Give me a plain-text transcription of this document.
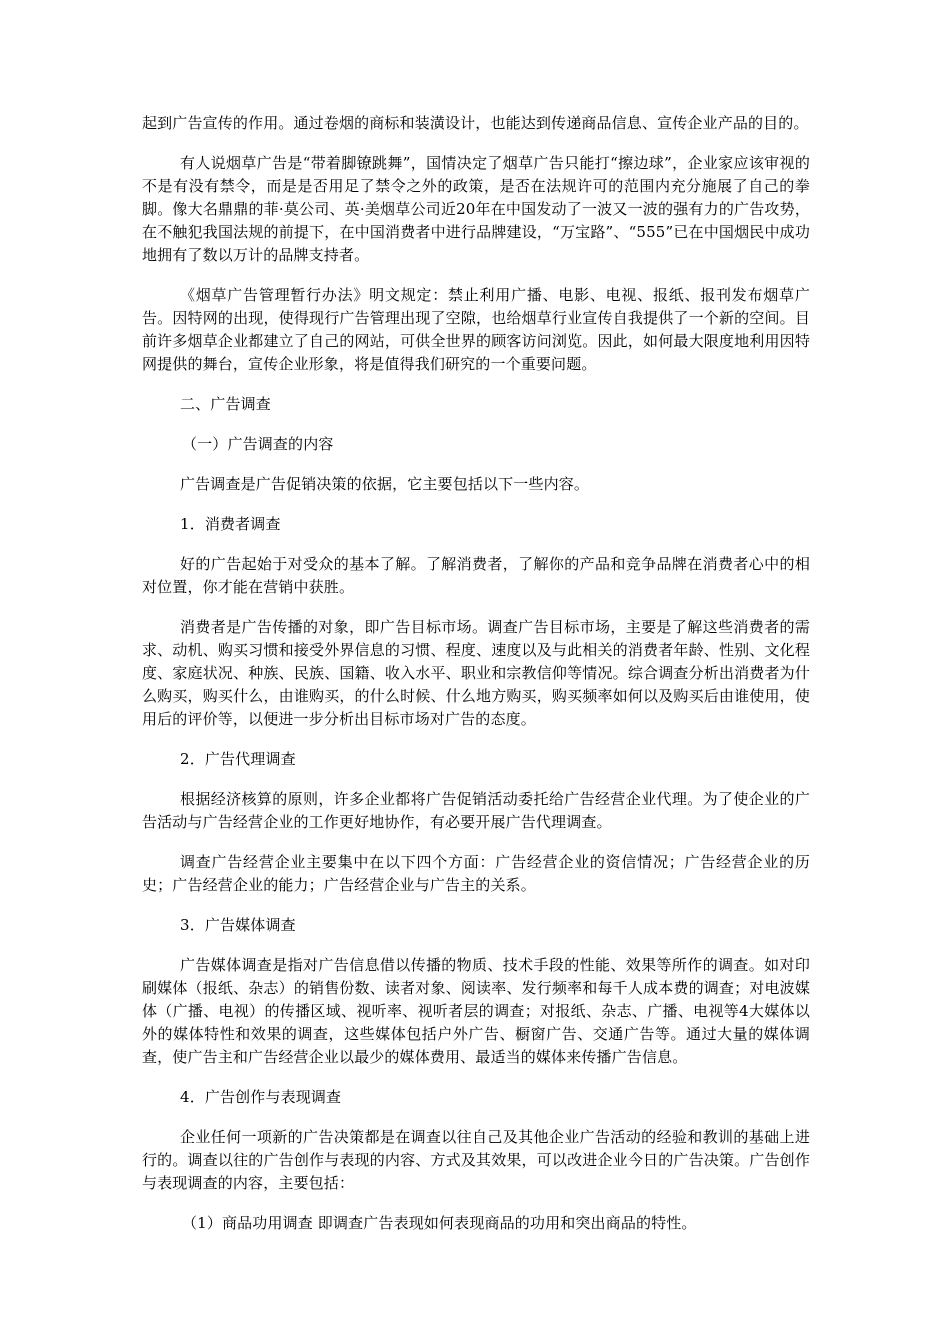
起到广告宣传的作用。通过卷烟的商标和装潢设计，也能达到传递商品信息、宣传企业产品的目的。

有人说烟草广告是“带着脚镣跳舞”，国情决定了烟草广告只能打“擦边球”，企业家应该审视的不是有没有禁令，而是是否用足了禁令之外的政策，是否在法规许可的范围内充分施展了自己的拳脚。像大名鼎鼎的菲·莫公司、英·美烟草公司近20年在中国发动了一波又一波的强有力的广告攻势，在不触犯我国法规的前提下，在中国消费者中进行品牌建设，“万宝路”、“555”已在中国烟民中成功地拥有了数以万计的品牌支持者。

《烟草广告管理暂行办法》明文规定：禁止利用广播、电影、电视、报纸、报刊发布烟草广告。因特网的出现，使得现行广告管理出现了空隙，也给烟草行业宣传自我提供了一个新的空间。目前许多烟草企业都建立了自己的网站，可供全世界的顾客访问浏览。因此，如何最大限度地利用因特网提供的舞台，宣传企业形象，将是值得我们研究的一个重要问题。

二、广告调查

（一）广告调查的内容

广告调查是广告促销决策的依据，它主要包括以下一些内容。

1．消费者调查

好的广告起始于对受众的基本了解。了解消费者，了解你的产品和竞争品牌在消费者心中的相对位置，你才能在营销中获胜。

消费者是广告传播的对象，即广告目标市场。调查广告目标市场，主要是了解这些消费者的需求、动机、购买习惯和接受外界信息的习惯、程度、速度以及与此相关的消费者年龄、性别、文化程度、家庭状况、种族、民族、国籍、收入水平、职业和宗教信仰等情况。综合调查分析出消费者为什么购买，购买什么，由谁购买，的什么时候、什么地方购买，购买频率如何以及购买后由谁使用，使用后的评价等，以便进一步分析出目标市场对广告的态度。

2．广告代理调查

根据经济核算的原则，许多企业都将广告促销活动委托给广告经营企业代理。为了使企业的广告活动与广告经营企业的工作更好地协作，有必要开展广告代理调查。

调查广告经营企业主要集中在以下四个方面：广告经营企业的资信情况；广告经营企业的历史；广告经营企业的能力；广告经营企业与广告主的关系。

3．广告媒体调查

广告媒体调查是指对广告信息借以传播的物质、技术手段的性能、效果等所作的调查。如对印刷媒体（报纸、杂志）的销售份数、读者对象、阅读率、发行频率和每千人成本费的调查；对电波媒体（广播、电视）的传播区域、视听率、视听者层的调查；对报纸、杂志、广播、电视等4大媒体以外的媒体特性和效果的调查，这些媒体包括户外广告、橱窗广告、交通广告等。通过大量的媒体调查，使广告主和广告经营企业以最少的媒体费用、最适当的媒体来传播广告信息。

4．广告创作与表现调查

企业任何一项新的广告决策都是在调查以往自己及其他企业广告活动的经验和教训的基础上进行的。调查以往的广告创作与表现的内容、方式及其效果，可以改进企业今日的广告决策。广告创作与表现调查的内容，主要包括：

（1）商品功用调查 即调查广告表现如何表现商品的功用和突出商品的特性。
